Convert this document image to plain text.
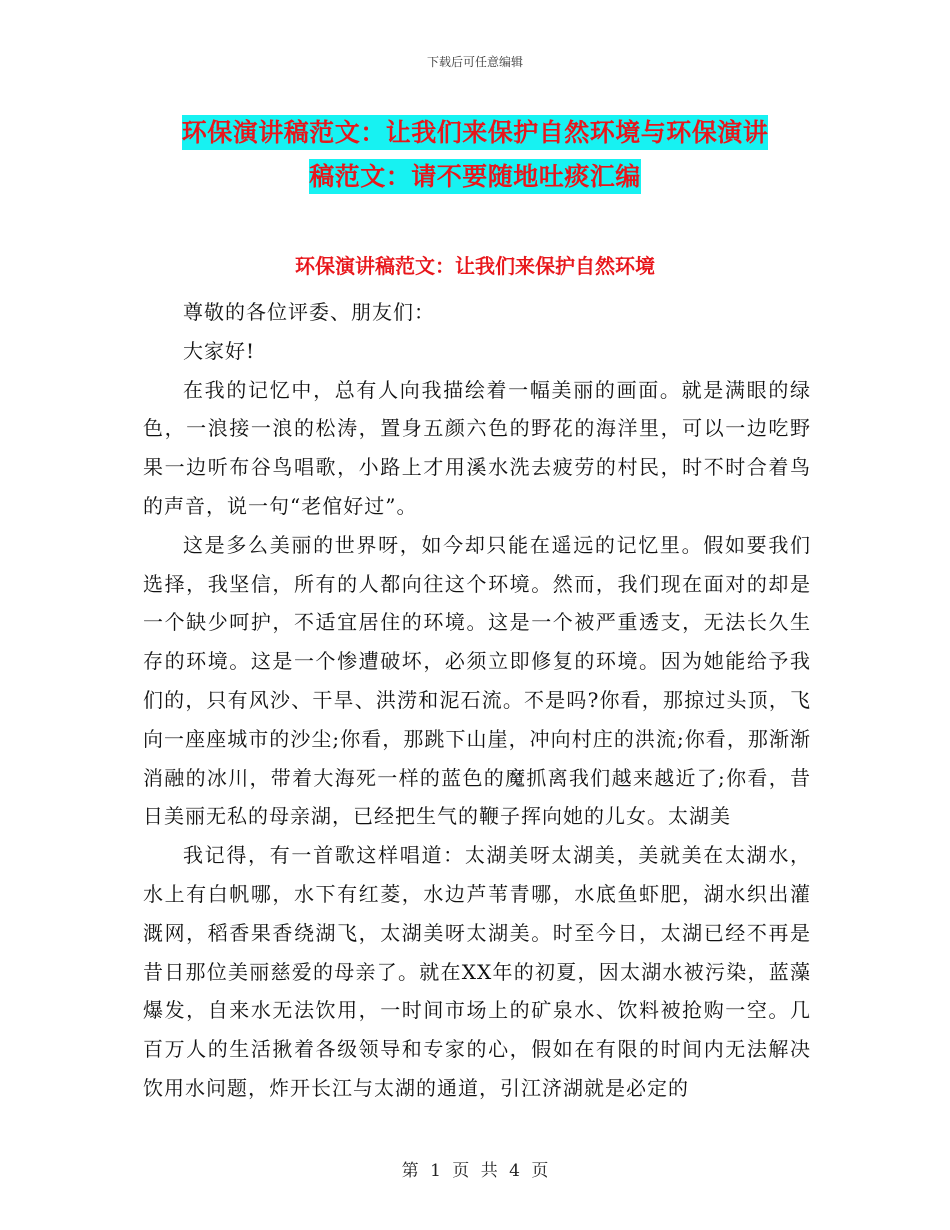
下载后可任意编辑
环保演讲稿范文：让我们来保护自然环境与环保演讲
稿范文：请不要随地吐痰汇编
环保演讲稿范文：让我们来保护自然环境

尊敬的各位评委、朋友们：

大家好!

在我的记忆中，总有人向我描绘着一幅美丽的画面。就是满眼的绿色，一浪接一浪的松涛，置身五颜六色的野花的海洋里，可以一边吃野果一边听布谷鸟唱歌，小路上才用溪水洗去疲劳的村民，时不时合着鸟的声音，说一句“老倌好过”。

这是多么美丽的世界呀，如今却只能在遥远的记忆里。假如要我们选择，我坚信，所有的人都向往这个环境。然而，我们现在面对的却是一个缺少呵护，不适宜居住的环境。这是一个被严重透支，无法长久生存的环境。这是一个惨遭破坏，必须立即修复的环境。因为她能给予我们的，只有风沙、干旱、洪涝和泥石流。不是吗?你看，那掠过头顶，飞向一座座城市的沙尘;你看，那跳下山崖，冲向村庄的洪流;你看，那渐渐消融的冰川，带着大海死一样的蓝色的魔抓离我们越来越近了;你看，昔日美丽无私的母亲湖，已经把生气的鞭子挥向她的儿女。太湖美

我记得，有一首歌这样唱道：太湖美呀太湖美，美就美在太湖水，水上有白帆哪，水下有红菱，水边芦苇青哪，水底鱼虾肥，湖水织出灌溉网，稻香果香绕湖飞，太湖美呀太湖美。时至今日，太湖已经不再是昔日那位美丽慈爱的母亲了。就在XX年的初夏，因太湖水被污染，蓝藻爆发，自来水无法饮用，一时间市场上的矿泉水、饮料被抢购一空。几百万人的生活揪着各级领导和专家的心，假如在有限的时间内无法解决饮用水问题，炸开长江与太湖的通道，引江济湖就是必定的

第 1 页 共 4 页
